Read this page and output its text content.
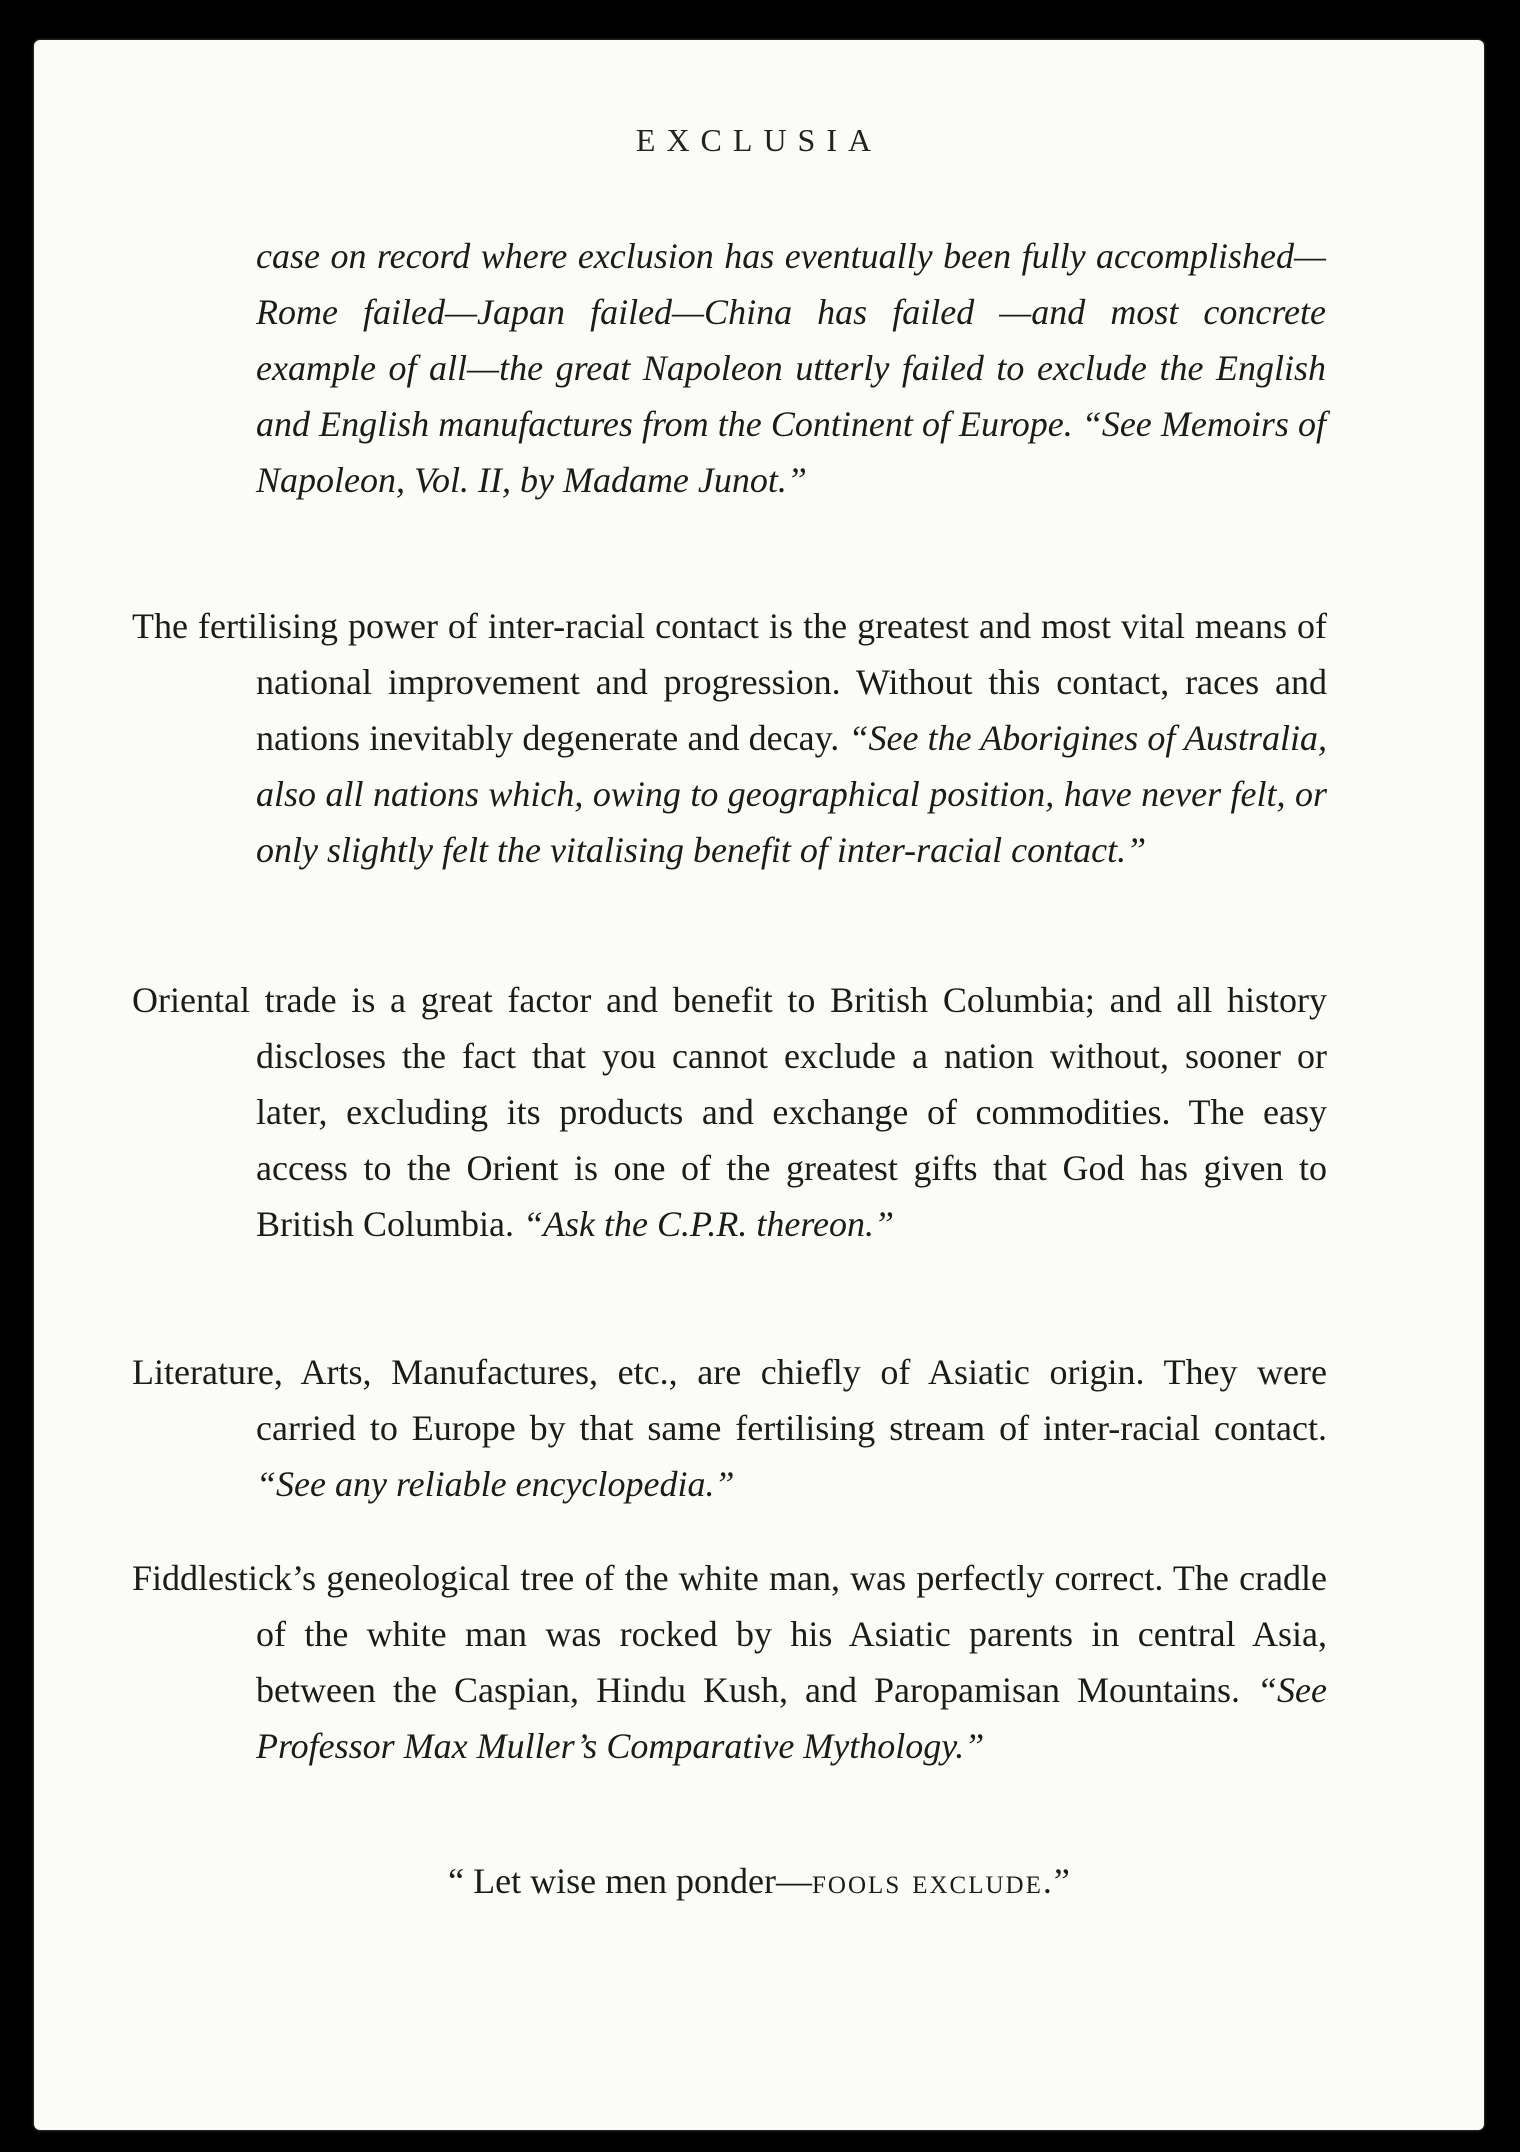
EXCLUSIA
case on record where exclusion has eventually been fully accomplished—Rome failed—Japan failed—China has failed —and most concrete example of all—the great Napoleon utterly failed to exclude the English and English manufactures from the Continent of Europe. “See Memoirs of Napoleon, Vol. II, by Madame Junot.”
The fertilising power of inter-racial contact is the greatest and most vital means of national improvement and progression. Without this contact, races and nations inevitably degenerate and decay. “See the Aborigines of Australia, also all nations which, owing to geographical position, have never felt, or only slightly felt the vitalising benefit of inter-racial contact.”
Oriental trade is a great factor and benefit to British Columbia; and all history discloses the fact that you cannot exclude a nation without, sooner or later, excluding its products and exchange of commodities. The easy access to the Orient is one of the greatest gifts that God has given to British Columbia. “Ask the C.P.R. thereon.”
Literature, Arts, Manufactures, etc., are chiefly of Asiatic origin. They were carried to Europe by that same fertilising stream of inter-racial contact. “See any reliable encyclopedia.”
Fiddlestick’s geneological tree of the white man, was perfectly correct. The cradle of the white man was rocked by his Asiatic parents in central Asia, between the Caspian, Hindu Kush, and Paropamisan Mountains. “See Professor Max Muller’s Comparative Mythology.”
“ Let wise men ponder—fools exclude.”
